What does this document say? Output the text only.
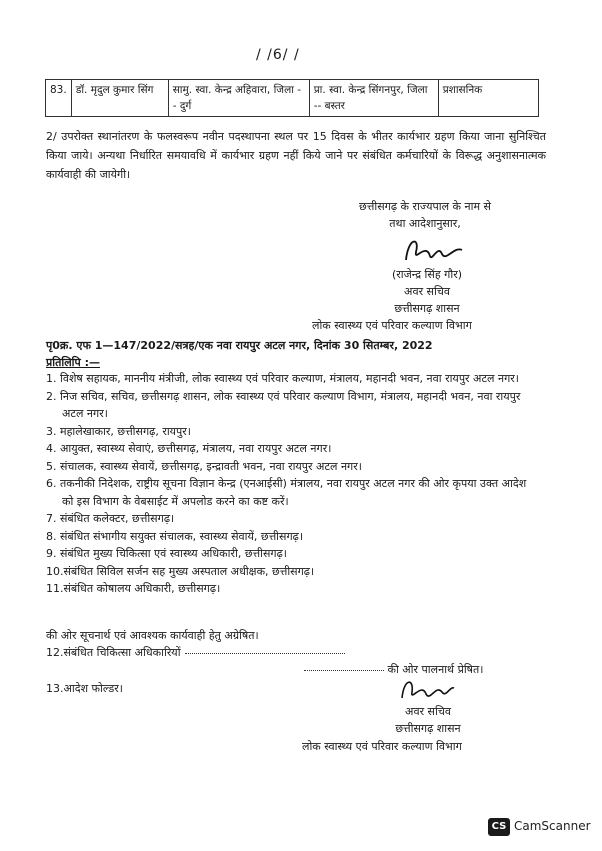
/ /6/ /
83.	डॉ. मृदुल कुमार सिंग	सामु. स्वा. केन्द्र अहिवारा, जिला -- दुर्ग	प्रा. स्वा. केन्द्र सिंगनपुर, जिला -- बस्तर	प्रशासनिक
2/ उपरोक्त स्थानांतरण के फलस्वरूप नवीन पदस्थापना स्थल पर 15 दिवस के भीतर कार्यभार ग्रहण किया जाना सुनिश्चित किया जाये। अन्यथा निर्धारित समयावधि में कार्यभार ग्रहण नहीं किये जाने पर संबंधित कर्मचारियों के विरूद्ध अनुशासनात्मक कार्यवाही की जायेगी।
छत्तीसगढ़ के राज्यपाल के नाम से
तथा आदेशानुसार,
(राजेन्द्र सिंह गौर)
अवर सचिव
छत्तीसगढ़ शासन
लोक स्वास्थ्य एवं परिवार कल्याण विभाग
पृ0क्र. एफ 1—147/2022/सत्रह/एक नवा रायपुर अटल नगर, दिनांक 30 सितम्बर, 2022
प्रतिलिपि :—
1. विशेष सहायक, माननीय मंत्रीजी, लोक स्वास्थ्य एवं परिवार कल्याण, मंत्रालय, महानदी भवन, नवा रायपुर अटल नगर।
2. निज सचिव, सचिव, छत्तीसगढ़ शासन, लोक स्वास्थ्य एवं परिवार कल्याण विभाग, मंत्रालय, महानदी भवन, नवा रायपुर अटल नगर।
3. महालेखाकार, छत्तीसगढ़, रायपुर।
4. आयुक्त, स्वास्थ्य सेवाएं, छत्तीसगढ़, मंत्रालय, नवा रायपुर अटल नगर।
5. संचालक, स्वास्थ्य सेवायें, छत्तीसगढ़, इन्द्रावती भवन, नवा रायपुर अटल नगर।
6. तकनीकी निदेशक, राष्ट्रीय सूचना विज्ञान केन्द्र (एनआईसी) मंत्रालय, नवा रायपुर अटल नगर की ओर कृपया उक्त आदेश को इस विभाग के वेबसाईट में अपलोड करने का कष्ट करें।
7. संबंधित कलेक्टर, छत्तीसगढ़।
8. संबंधित संभागीय सयुक्त संचालक, स्वास्थ्य सेवायें, छत्तीसगढ़।
9. संबंधित मुख्य चिकित्सा एवं स्वास्थ्य अधिकारी, छत्तीसगढ़।
10.संबंधित सिविल सर्जन सह मुख्य अस्पताल अधीक्षक, छत्तीसगढ़।
11.संबंधित कोषालय अधिकारी, छत्तीसगढ़।
की ओर सूचनार्थ एवं आवश्यक कार्यवाही हेतु अग्रेषित।
12.संबंधित चिकित्सा अधिकारियों
की ओर पालनार्थ प्रेषित।
13.आदेश फोल्डर।
अवर सचिव
छत्तीसगढ़ शासन
लोक स्वास्थ्य एवं परिवार कल्याण विभाग
CS CamScanner
